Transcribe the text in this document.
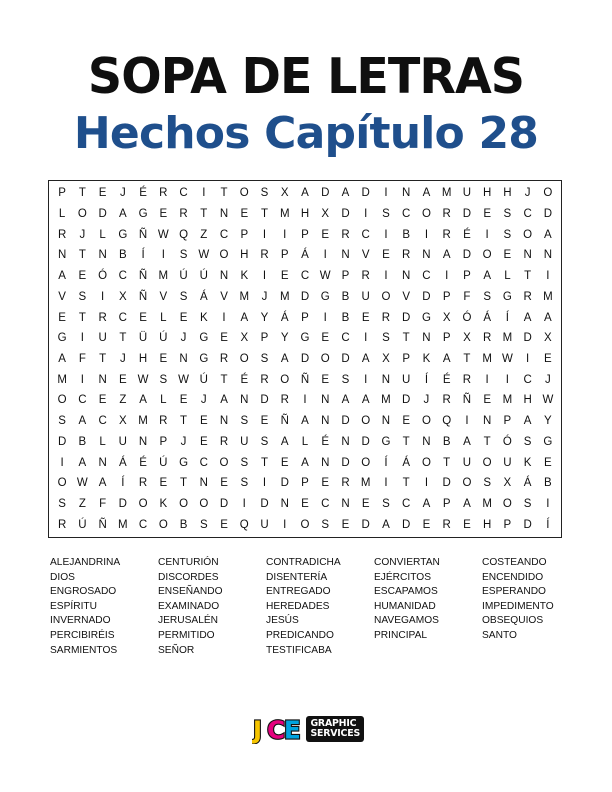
SOPA DE LETRAS
Hechos Capítulo 28
P	T	E	J	É	R	C	I	T	O	S	X	A	D	A	D	I	N	A	M U	H	H	J	O
L	O	D	A	G	E	R	T	N	E	T	M H	X	D	I	S	C	O	R	D	E	S	C	D
R	J	L	G	Ñ W Q	Z	C	P	I	I	P	E	R	C	I	B	I	R	É	I	S	O	A
N	T	N	B	Í	I	S W O	H	R	P	Á	I	N	V	E	R	N	A	D	O	E	N	N
A	E	Ó	C	Ñ M Ú	Ú	N	K	I	E	C W P	R	I	N	C	I	P	A	L	T	I
V	S	I	X	Ñ	V	S	Á	V	M	J	M D	G	B	U	O	V	D	P	F	S	G	R M
E	T	R	C	E	L	E	K	I	A	Y	Á	P	I	B	E	R	D	G	X	Ó	Á	Í	A	A
G	I	U	T	Ü	Ú	J	G	E	X	P	Y	G	E	C	I	S	T	N	P	X	R M D	X
A	F	T	J	H	E	N	G	R	O	S	A	D	O	D	A	X	P	K	A	T	M W	I	E
M	I	N	E W S W Ú	T	É	R	O	Ñ	E	S	I	N	U	Í	É	R	I	I	C	J
O	C	E	Z	A	L	E	J	A	N	D	R	I	N	A	A	M D	J	R	Ñ	E	M H W
S	A	C	X	M R	T	E	N	S	E	Ñ	A	N	D	O	N	E	O Q	I	N	P	A	Y
D	B	L	U	N	P	J	E	R	U	S	A	L	É	N	D	G	T	N	B	A	T	Ó	S	G
I	A	N	Á	É	Ú	G	C	O	S	T	E	A	N	D	O	Í	Á	O	T	U	O	U	K	E
O W A	Í	R	E	T	N	E	S	I	D	P	E	R M	I	T	I	D	O	S	X	Á	B
S	Z	F	D	O	K	O O	D	I	D	N	E	C	N	E	S	C	A	P	A	M O	S	I
R	Ú	Ñ M C	O	B	S	E	Q	U	I	O	S	E	D	A	D	E	R	E	H	P	D	Í
ALEJANDRINA	CENTURIÓN	CONTRADICHA	CONVIERTAN	COSTEANDO
DIOS	DISCORDES	DISENTERÍA	EJÉRCITOS	ENCENDIDO
ENGROSADO	ENSEÑANDO	ENTREGADO	ESCAPAMOS	ESPERANDO
ESPÍRITU	EXAMINADO	HEREDADES	HUMANIDAD	IMPEDIMENTO
INVERNADO	JERUSALÉN	JESÚS	NAVEGAMOS	OBSEQUIOS
PERCIBIRÉIS	PERMITIDO	PREDICANDO	PRINCIPAL	SANTO
SARMIENTOS	SEÑOR	TESTIFICABA
J C
E GRAPHIC
SERVICES
